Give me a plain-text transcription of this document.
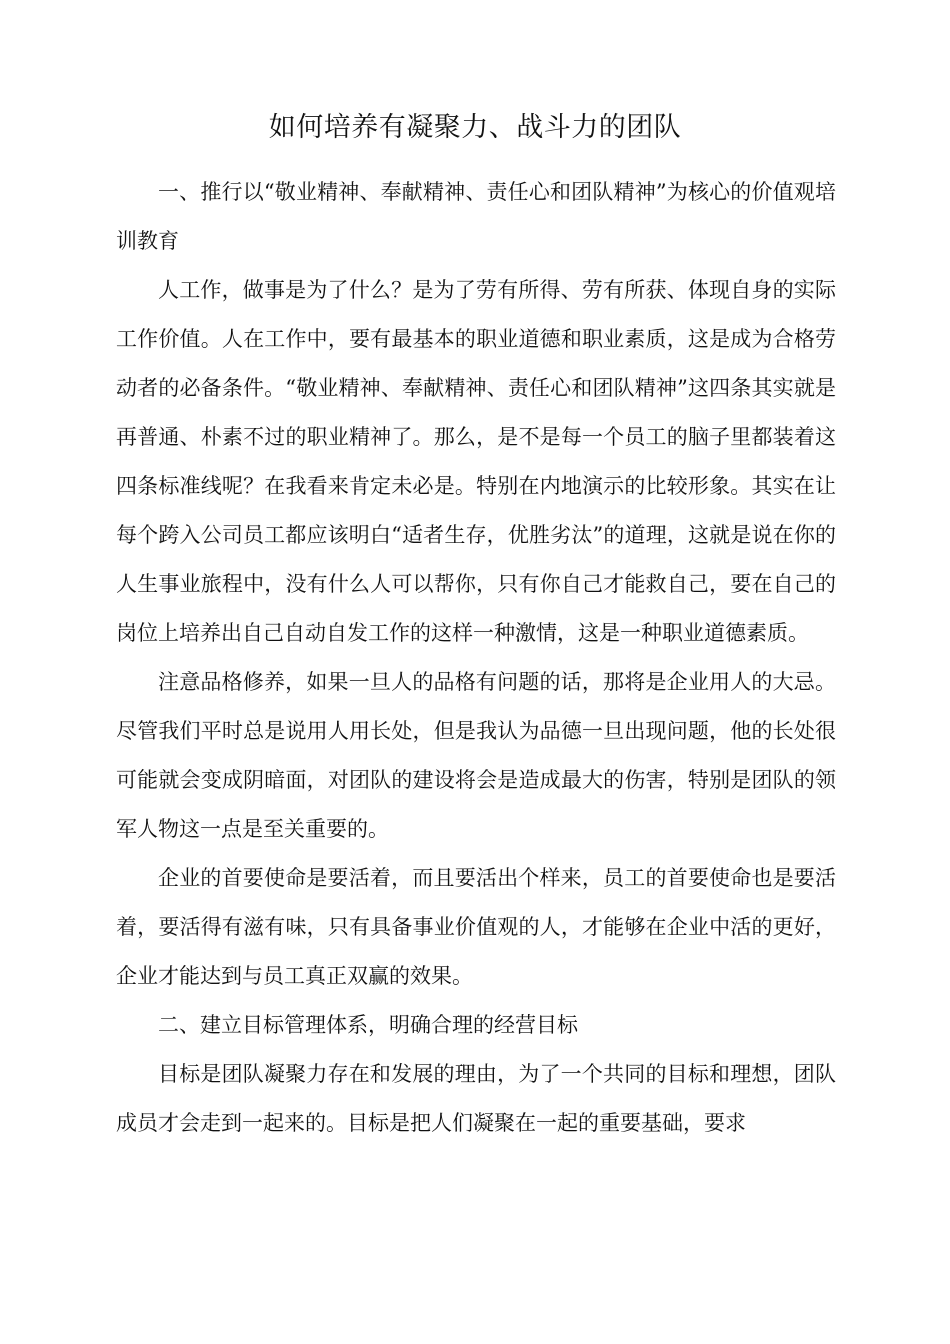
如何培养有凝聚力、战斗力的团队

一、推行以“敬业精神、奉献精神、责任心和团队精神”为核心的价值观培训教育

人工作，做事是为了什么？是为了劳有所得、劳有所获、体现自身的实际工作价值。人在工作中，要有最基本的职业道德和职业素质，这是成为合格劳动者的必备条件。“敬业精神、奉献精神、责任心和团队精神”这四条其实就是再普通、朴素不过的职业精神了。那么，是不是每一个员工的脑子里都装着这四条标准线呢？在我看来肯定未必是。特别在内地演示的比较形象。其实在让每个跨入公司员工都应该明白“适者生存，优胜劣汰”的道理，这就是说在你的人生事业旅程中，没有什么人可以帮你，只有你自己才能救自己，要在自己的岗位上培养出自己自动自发工作的这样一种激情，这是一种职业道德素质。

注意品格修养，如果一旦人的品格有问题的话，那将是企业用人的大忌。尽管我们平时总是说用人用长处，但是我认为品德一旦出现问题，他的长处很可能就会变成阴暗面，对团队的建设将会是造成最大的伤害，特别是团队的领军人物这一点是至关重要的。

企业的首要使命是要活着，而且要活出个样来，员工的首要使命也是要活着，要活得有滋有味，只有具备事业价值观的人，才能够在企业中活的更好，企业才能达到与员工真正双赢的效果。

二、建立目标管理体系，明确合理的经营目标

目标是团队凝聚力存在和发展的理由，为了一个共同的目标和理想，团队成员才会走到一起来的。目标是把人们凝聚在一起的重要基础，要求
